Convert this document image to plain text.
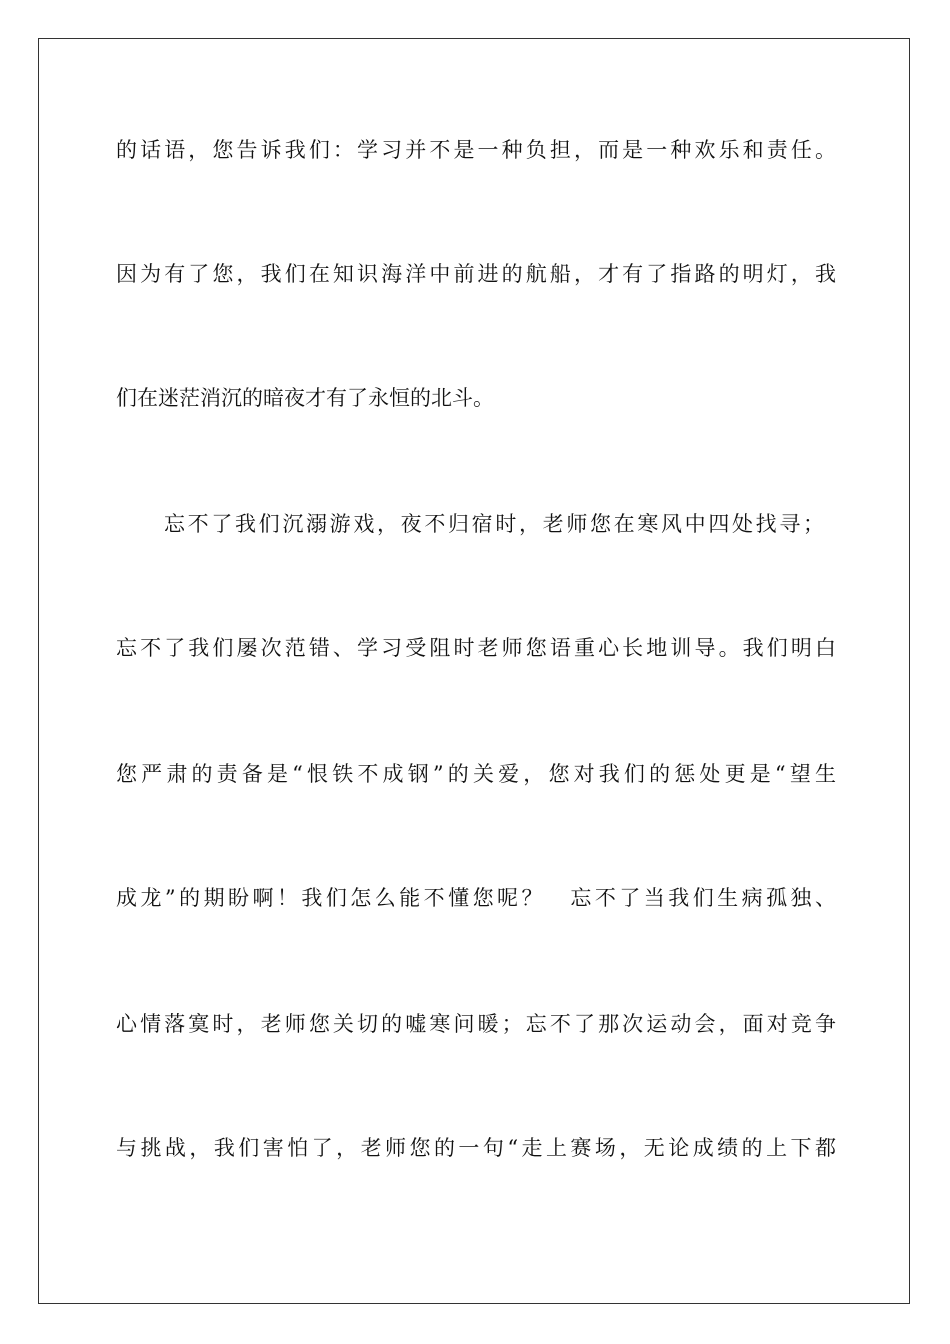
的话语，您告诉我们：学习并不是一种负担，而是一种欢乐和责任。
因为有了您，我们在知识海洋中前进的航船，才有了指路的明灯，我
们在迷茫消沉的暗夜才有了永恒的北斗。
忘不了我们沉溺游戏，夜不归宿时，老师您在寒风中四处找寻；
忘不了我们屡次范错、学习受阻时老师您语重心长地训导。我们明白
您严肃的责备是“恨铁不成钢”的关爱，您对我们的惩处更是“望生
成龙”的期盼啊！我们怎么能不懂您呢？　忘不了当我们生病孤独、
心情落寞时，老师您关切的嘘寒问暖；忘不了那次运动会，面对竞争
与挑战，我们害怕了，老师您的一句“走上赛场，无论成绩的上下都
